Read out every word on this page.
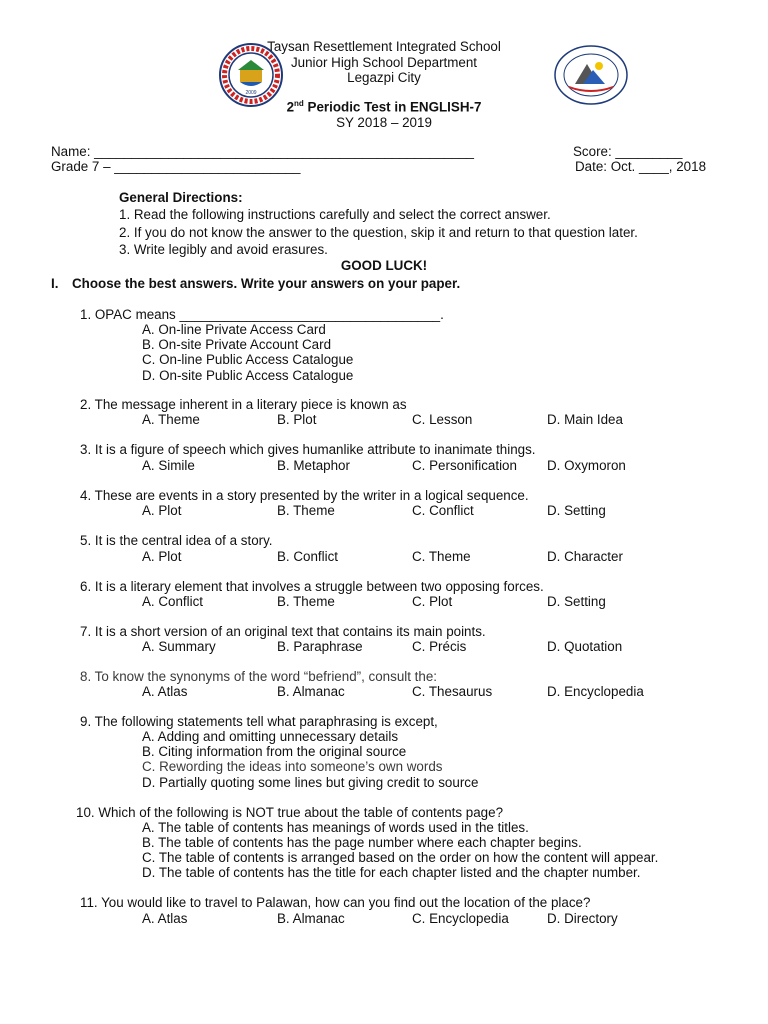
2009
Taysan Resettlement Integrated School
Junior High School Department
Legazpi City
2nd Periodic Test in ENGLISH-7
SY 2018 – 2019
Name: ___________________________________________________	Score: _________
Grade 7 – _________________________	Date: Oct. ____, 2018
General Directions:
1. Read the following instructions carefully and select the correct answer.
2. If you do not know the answer to the question, skip it and return to that question later.
3. Write legibly and avoid erasures.
GOOD LUCK!
I. Choose the best answers. Write your answers on your paper.
1. OPAC means ___________________________________.
A. On-line Private Access Card
B. On-site Private Account Card
C. On-line Public Access Catalogue
D. On-site Public Access Catalogue
2. The message inherent in a literary piece is known as
A. Theme	B. Plot	C. Lesson	D. Main Idea
3. It is a figure of speech which gives humanlike attribute to inanimate things.
A. Simile	B. Metaphor	C. Personification	D. Oxymoron
4. These are events in a story presented by the writer in a logical sequence.
A. Plot	B. Theme	C. Conflict	D. Setting
5. It is the central idea of a story.
A. Plot	B. Conflict	C. Theme	D. Character
6. It is a literary element that involves a struggle between two opposing forces.
A. Conflict	B. Theme	C. Plot	D. Setting
7. It is a short version of an original text that contains its main points.
A. Summary	B. Paraphrase	C. Précis	D. Quotation
8. To know the synonyms of the word “befriend”, consult the:
A. Atlas	B. Almanac	C. Thesaurus	D. Encyclopedia
9. The following statements tell what paraphrasing is except,
A. Adding and omitting unnecessary details
B. Citing information from the original source
C. Rewording the ideas into someone’s own words
D. Partially quoting some lines but giving credit to source
10. Which of the following is NOT true about the table of contents page?
A. The table of contents has meanings of words used in the titles.
B. The table of contents has the page number where each chapter begins.
C. The table of contents is arranged based on the order on how the content will appear.
D. The table of contents has the title for each chapter listed and the chapter number.
11. You would like to travel to Palawan, how can you find out the location of the place?
A. Atlas	B. Almanac	C. Encyclopedia	D. Directory
